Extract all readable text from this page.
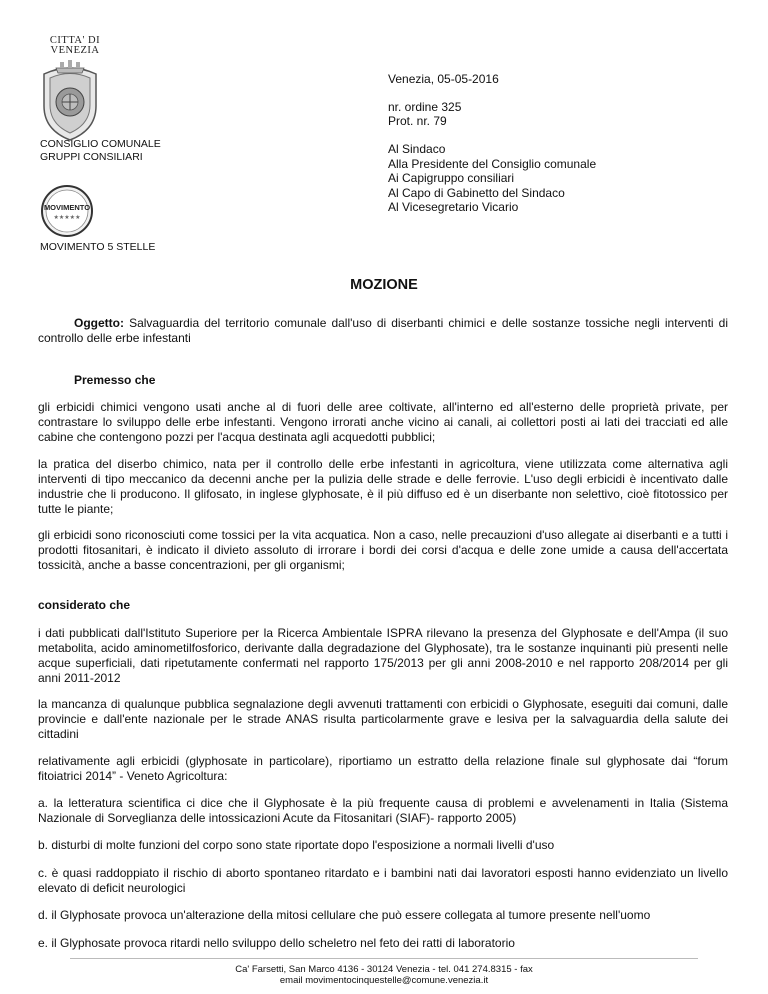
CITTA' DI
VENEZIA
CONSIGLIO COMUNALE
GRUPPI CONSILIARI
MOVIMENTO
★★★★★
MOVIMENTO 5 STELLE
Venezia, 05-05-2016
nr. ordine 325
Prot. nr. 79
Al Sindaco
Alla Presidente del Consiglio comunale
Ai Capigruppo consiliari
Al Capo di Gabinetto del Sindaco
Al Vicesegretario Vicario
MOZIONE
Oggetto: Salvaguardia del territorio comunale dall'uso di diserbanti chimici e delle sostanze tossiche negli interventi di controllo delle erbe infestanti
Premesso che
gli erbicidi chimici vengono usati anche al di fuori delle aree coltivate, all'interno ed all'esterno delle proprietà private, per contrastare lo sviluppo delle erbe infestanti. Vengono irrorati anche vicino ai canali, ai collettori posti ai lati dei tracciati ed alle cabine che contengono pozzi per l'acqua destinata agli acquedotti pubblici;
la pratica del diserbo chimico, nata per il controllo delle erbe infestanti in agricoltura, viene utilizzata come alternativa agli interventi di tipo meccanico da decenni anche per la pulizia delle strade e delle ferrovie. L'uso degli erbicidi è incentivato dalle industrie che li producono. Il glifosato, in inglese glyphosate, è il più diffuso ed è un diserbante non selettivo, cioè fitotossico per tutte le piante;
gli erbicidi sono riconosciuti come tossici per la vita acquatica. Non a caso, nelle precauzioni d'uso allegate ai diserbanti e a tutti i prodotti fitosanitari, è indicato il divieto assoluto di irrorare i bordi dei corsi d'acqua e delle zone umide a causa dell'accertata tossicità, anche a basse concentrazioni, per gli organismi;
considerato che
i dati pubblicati dall'Istituto Superiore per la Ricerca Ambientale ISPRA rilevano la presenza del Glyphosate e dell'Ampa (il suo metabolita, acido aminometilfosforico, derivante dalla degradazione del Glyphosate), tra le sostanze inquinanti più presenti nelle acque superficiali, dati ripetutamente confermati nel rapporto 175/2013 per gli anni 2008-2010 e nel rapporto 208/2014 per gli anni 2011-2012
la mancanza di qualunque pubblica segnalazione degli avvenuti trattamenti con erbicidi o Glyphosate, eseguiti dai comuni, dalle provincie e dall'ente nazionale per le strade ANAS risulta particolarmente grave e lesiva per la salvaguardia della salute dei cittadini
relativamente agli erbicidi (glyphosate in particolare), riportiamo un estratto della relazione finale sul glyphosate dai “forum fitoiatrici 2014” - Veneto Agricoltura:
a. la letteratura scientifica ci dice che il Glyphosate è la più frequente causa di problemi e avvelenamenti in Italia (Sistema Nazionale di Sorveglianza delle intossicazioni Acute da Fitosanitari (SIAF)- rapporto 2005)
b. disturbi di molte funzioni del corpo sono state riportate dopo l'esposizione a normali livelli d'uso
c. è quasi raddoppiato il rischio di aborto spontaneo ritardato e i bambini nati dai lavoratori esposti hanno evidenziato un livello elevato di deficit neurologici
d. il Glyphosate provoca un'alterazione della mitosi cellulare che può essere collegata al tumore presente nell'uomo
e. il Glyphosate provoca ritardi nello sviluppo dello scheletro nel feto dei ratti di laboratorio
Ca' Farsetti, San Marco 4136 - 30124 Venezia - tel. 041 274.8315 - fax
email movimentocinquestelle@comune.venezia.it
